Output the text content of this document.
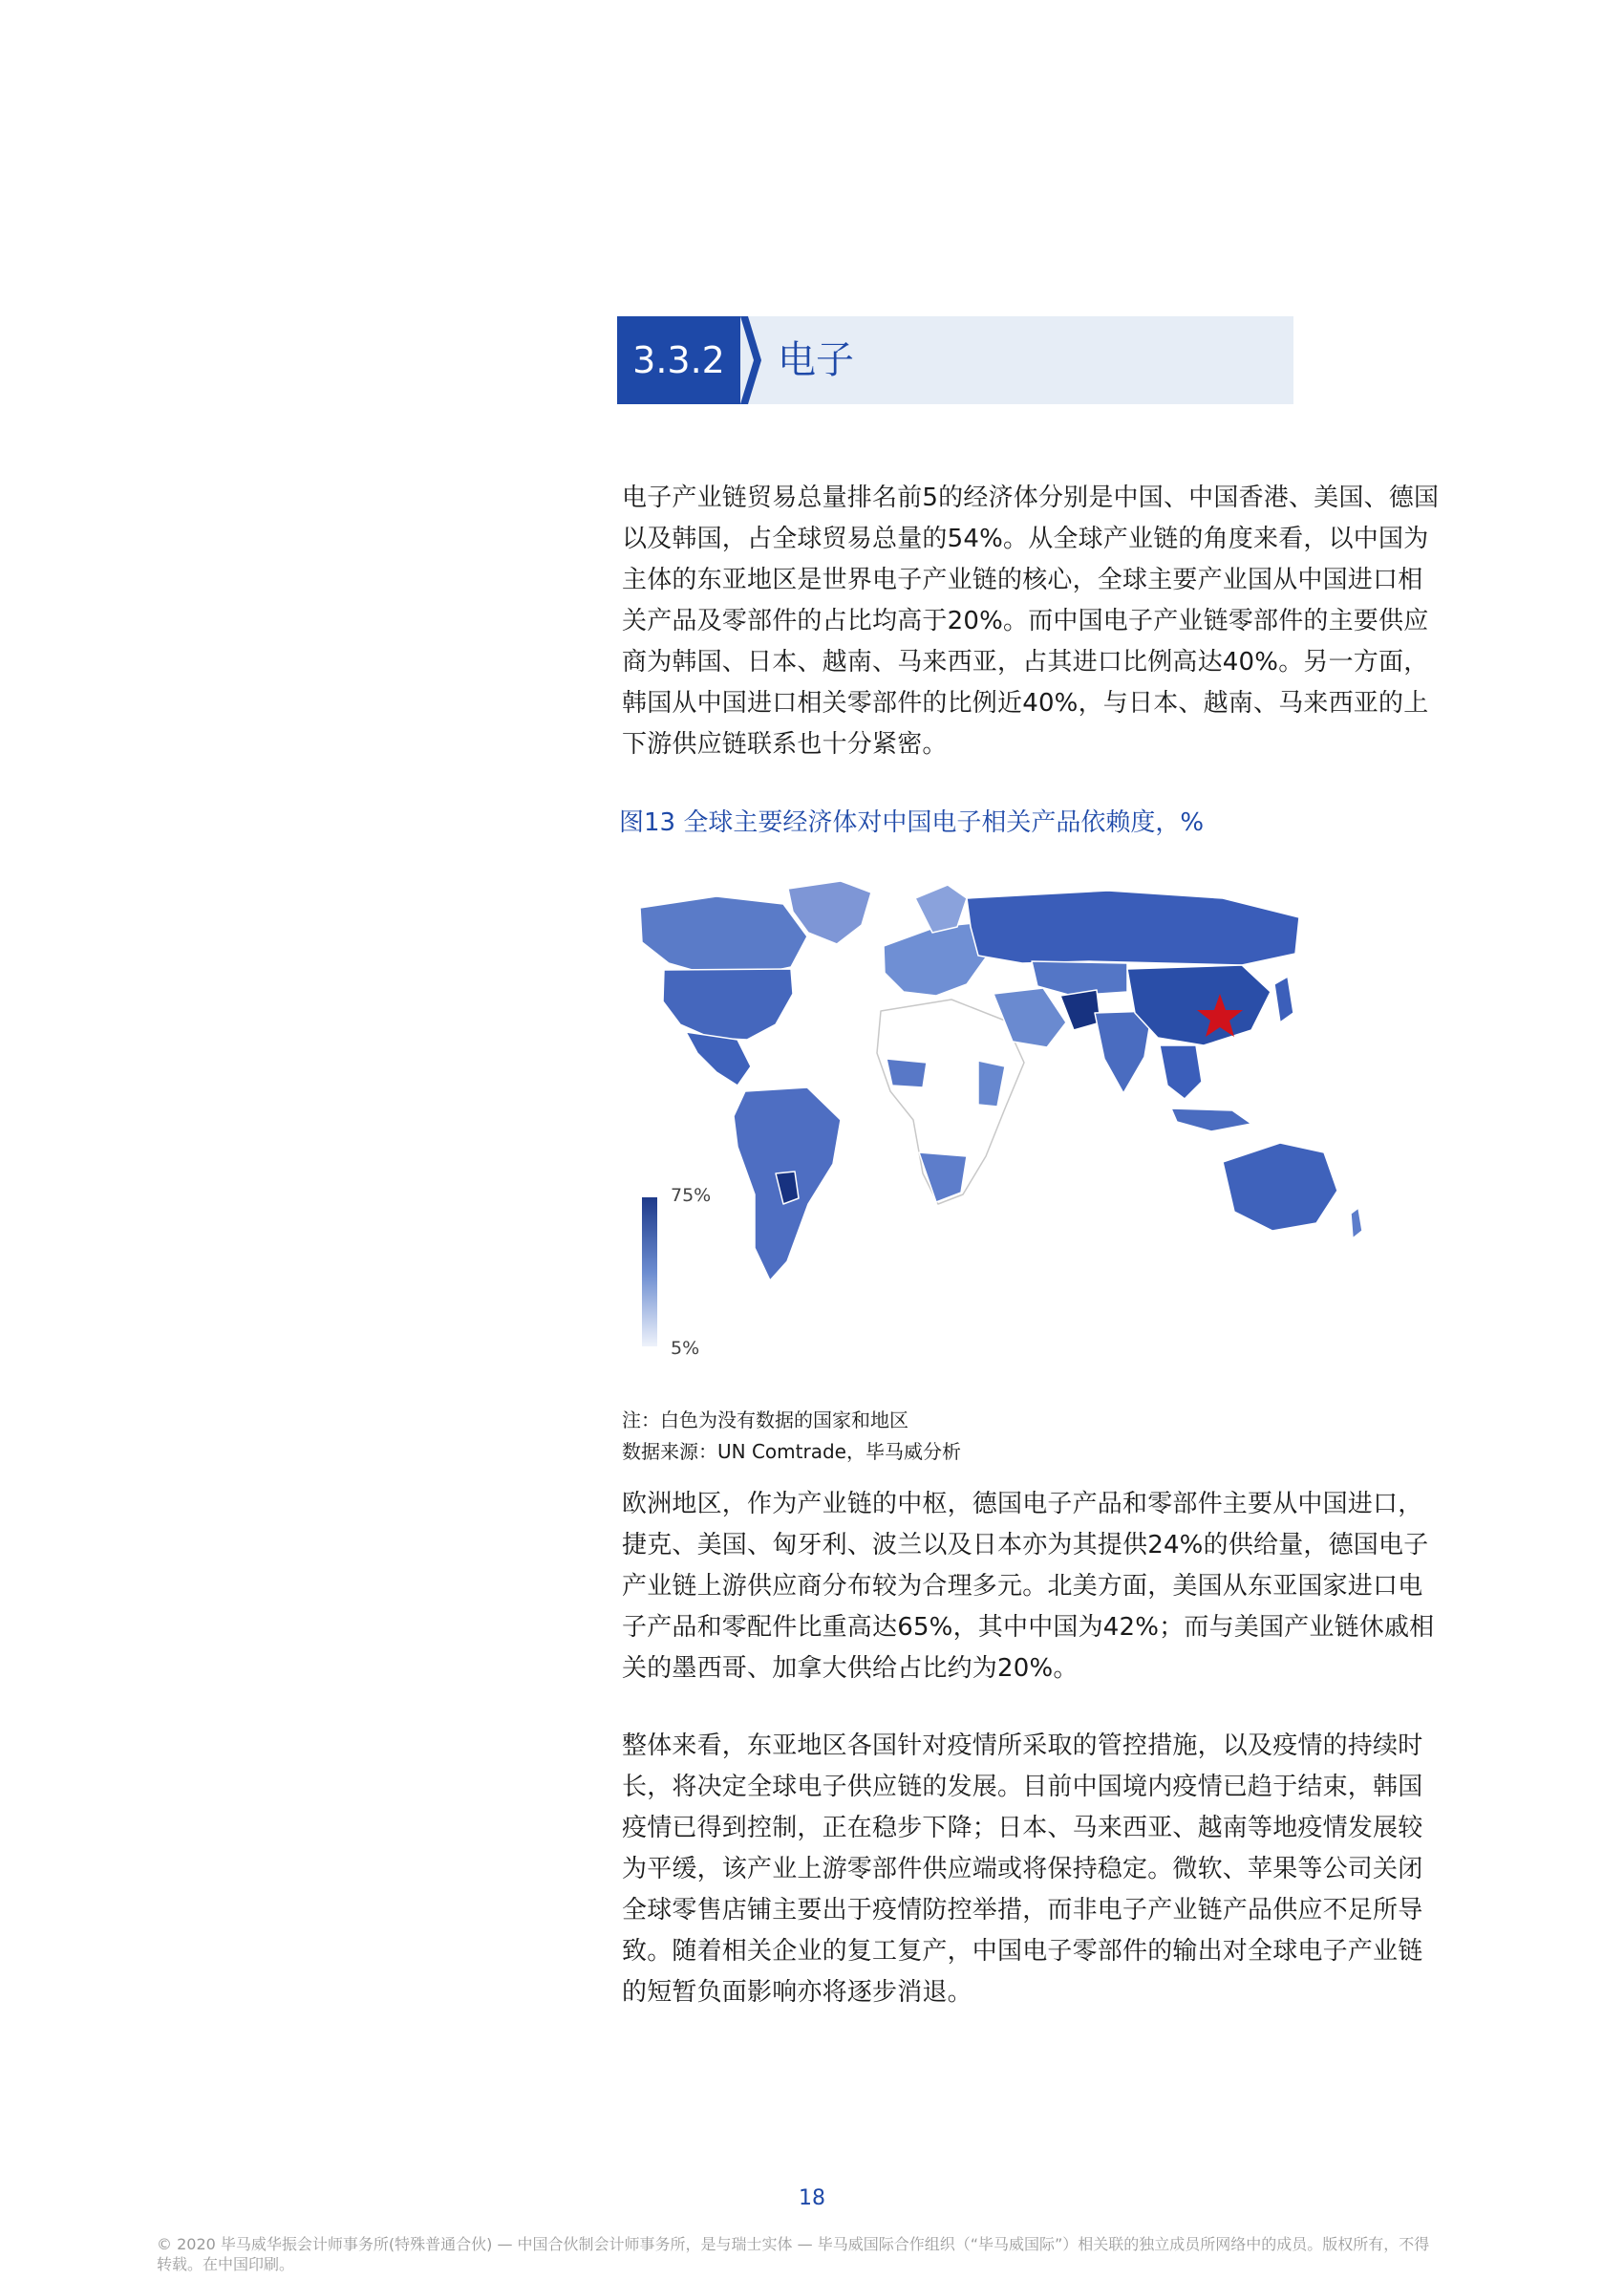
3.3.2	电子
电子产业链贸易总量排名前5的经济体分别是中国、中国香港、美国、德国
以及韩国，占全球贸易总量的54%。从全球产业链的角度来看，以中国为
主体的东亚地区是世界电子产业链的核心，全球主要产业国从中国进口相
关产品及零部件的占比均高于20%。而中国电子产业链零部件的主要供应
商为韩国、日本、越南、马来西亚，占其进口比例高达40%。另一方面，
韩国从中国进口相关零部件的比例近40%，与日本、越南、马来西亚的上
下游供应链联系也十分紧密。

图13 全球主要经济体对中国电子相关产品依赖度，%

75%
5%

注：白色为没有数据的国家和地区

数据来源：UN Comtrade，毕马威分析

欧洲地区，作为产业链的中枢，德国电子产品和零部件主要从中国进口，
捷克、美国、匈牙利、波兰以及日本亦为其提供24%的供给量，德国电子
产业链上游供应商分布较为合理多元。北美方面，美国从东亚国家进口电
子产品和零配件比重高达65%，其中中国为42%；而与美国产业链休戚相
关的墨西哥、加拿大供给占比约为20%。
整体来看，东亚地区各国针对疫情所采取的管控措施，以及疫情的持续时
长，将决定全球电子供应链的发展。目前中国境内疫情已趋于结束，韩国
疫情已得到控制，正在稳步下降；日本、马来西亚、越南等地疫情发展较
为平缓，该产业上游零部件供应端或将保持稳定。微软、苹果等公司关闭
全球零售店铺主要出于疫情防控举措，而非电子产业链产品供应不足所导
致。随着相关企业的复工复产，中国电子零部件的输出对全球电子产业链
的短暂负面影响亦将逐步消退。
18
© 2020 毕马威华振会计师事务所(特殊普通合伙) — 中国合伙制会计师事务所，是与瑞士实体 — 毕马威国际合作组织（“毕马威国际”）相关联的独立成员所网络中的成员。版权所有，不得
转载。在中国印刷。
